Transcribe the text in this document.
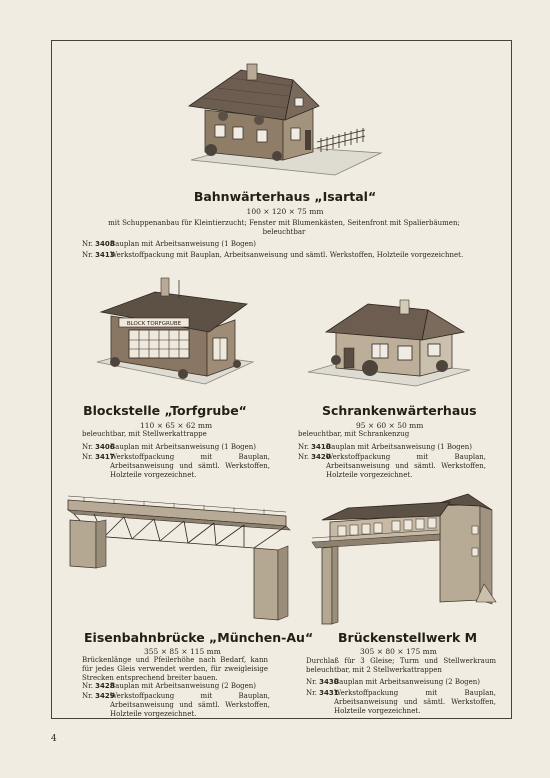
Bahnwärterhaus „Isartal“
100 × 120 × 75 mm
mit Schuppenanbau für Kleintierzucht; Fenster mit Blumenkästen, Seitenfront mit Spalierbäumen; beleuchtbar
Nr. 3408
Bauplan mit Arbeitsanweisung (1 Bogen)
Nr. 3413
Werkstoffpackung mit Bauplan, Arbeitsanweisung und sämtl. Werkstoffen, Holzteile vorgezeichnet.
BLOCK TORFGRUBE
Blockstelle „Torfgrube“
110 × 65 × 62 mm
beleuchtbar, mit Stellwerkattrappe
Nr. 3406
Bauplan mit Arbeitsanweisung (1 Bogen)
Nr. 3417
Werkstoffpackung mit Bauplan, Arbeitsanweisung und sämtl. Werkstoffen, Holzteile vorgezeichnet.
Schrankenwärterhaus
95 × 60 × 50 mm
beleuchtbar, mit Schrankenzug
Nr. 3410
Bauplan mit Arbeitsanweisung (1 Bogen)
Nr. 3420
Werkstoffpackung mit Bauplan, Arbeitsanweisung und sämtl. Werkstoffen, Holzteile vorgezeichnet.
Eisenbahnbrücke „München-Au“
355 × 85 × 115 mm
Brückenlänge und Pfeilerhöhe nach Bedarf, kann für jedes Gleis verwendet werden, für zweigleisige Strecken entsprechend breiter bauen.
Nr. 3428
Bauplan mit Arbeitsanweisung (2 Bogen)
Nr. 3429
Werkstoffpackung mit Bauplan, Arbeitsanweisung und sämtl. Werkstoffen, Holzteile vorgezeichnet.
Brückenstellwerk M
305 × 80 × 175 mm
Durchlaß für 3 Gleise; Turm und Stellwerkraum beleuchtbar, mit 2 Stellwerkattrappen
Nr. 3430
Bauplan mit Arbeitsanweisung (2 Bogen)
Nr. 3431
Werkstoffpackung mit Bauplan, Arbeitsanweisung und sämtl. Werkstoffen, Holzteile vorgezeichnet.
4
